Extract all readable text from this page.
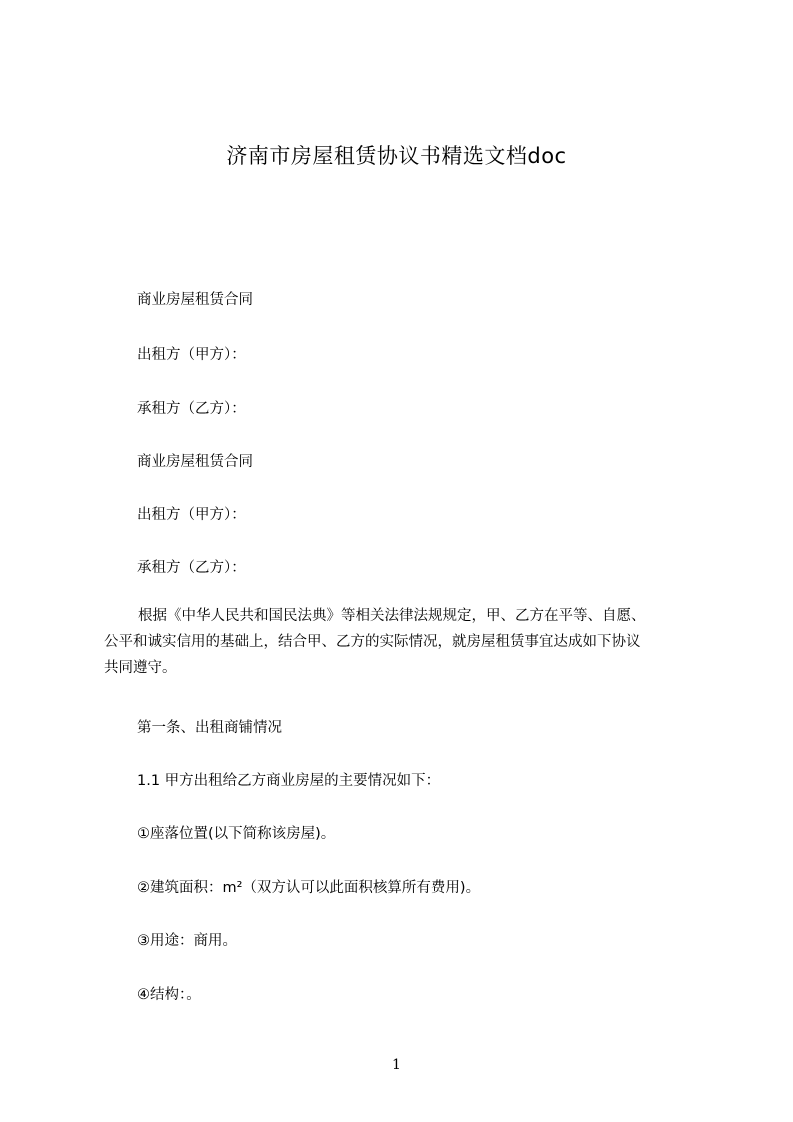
济南市房屋租赁协议书精选文档doc
商业房屋租赁合同
出租方（甲方）：
承租方（乙方）：
商业房屋租赁合同
出租方（甲方）：
承租方（乙方）：
根据《中华人民共和国民法典》等相关法律法规规定，甲、乙方在平等、自愿、
公平和诚实信用的基础上，结合甲、乙方的实际情况，就房屋租赁事宜达成如下协议
共同遵守。
第一条、出租商铺情况
1.1 甲方出租给乙方商业房屋的主要情况如下：
①座落位置(以下简称该房屋)。
②建筑面积：m²（双方认可以此面积核算所有费用)。
③用途：商用。
④结构：。
1
